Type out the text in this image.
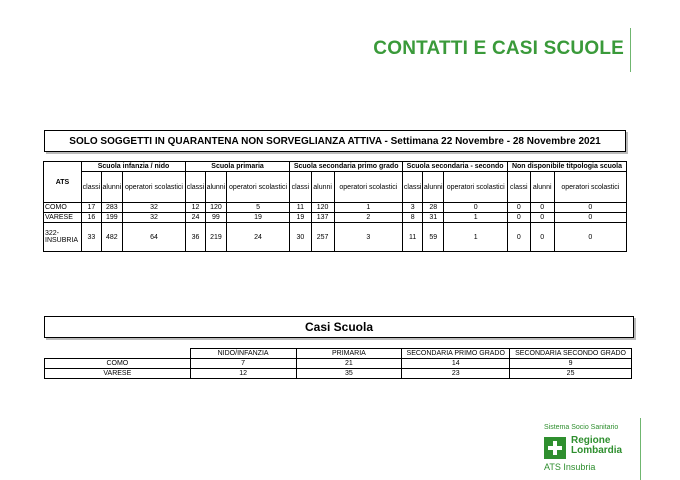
CONTATTI E CASI SCUOLE
SOLO SOGGETTI IN QUARANTENA NON SORVEGLIANZA ATTIVA - Settimana 22 Novembre - 28 Novembre 2021
ATS	Scuola infanzia / nido			Scuola primaria			Scuola secondaria primo grado			Scuola secondaria - secondo			Non disponibile titpologia scuola		
	classi	alunni	operatori scolastici	classi	alunni	operatori scolastici	classi	alunni	operatori scolastici	classi	alunni	operatori scolastici	classi	alunni	operatori scolastici
COMO	17	283	32	12	120	5	11	120	1	3	28	0	0	0	0
VARESE	16	199	32	24	99	19	19	137	2	8	31	1	0	0	0
322-INSUBRIA	33	482	64	36	219	24	30	257	3	11	59	1	0	0	0
Casi Scuola
	NIDO/INFANZIA	PRIMARIA	SECONDARIA PRIMO GRADO	SECONDARIA SECONDO GRADO
COMO	7	21	14	9
VARESE	12	35	23	25
Sistema Socio Sanitario
Regione
Lombardia
ATS Insubria
